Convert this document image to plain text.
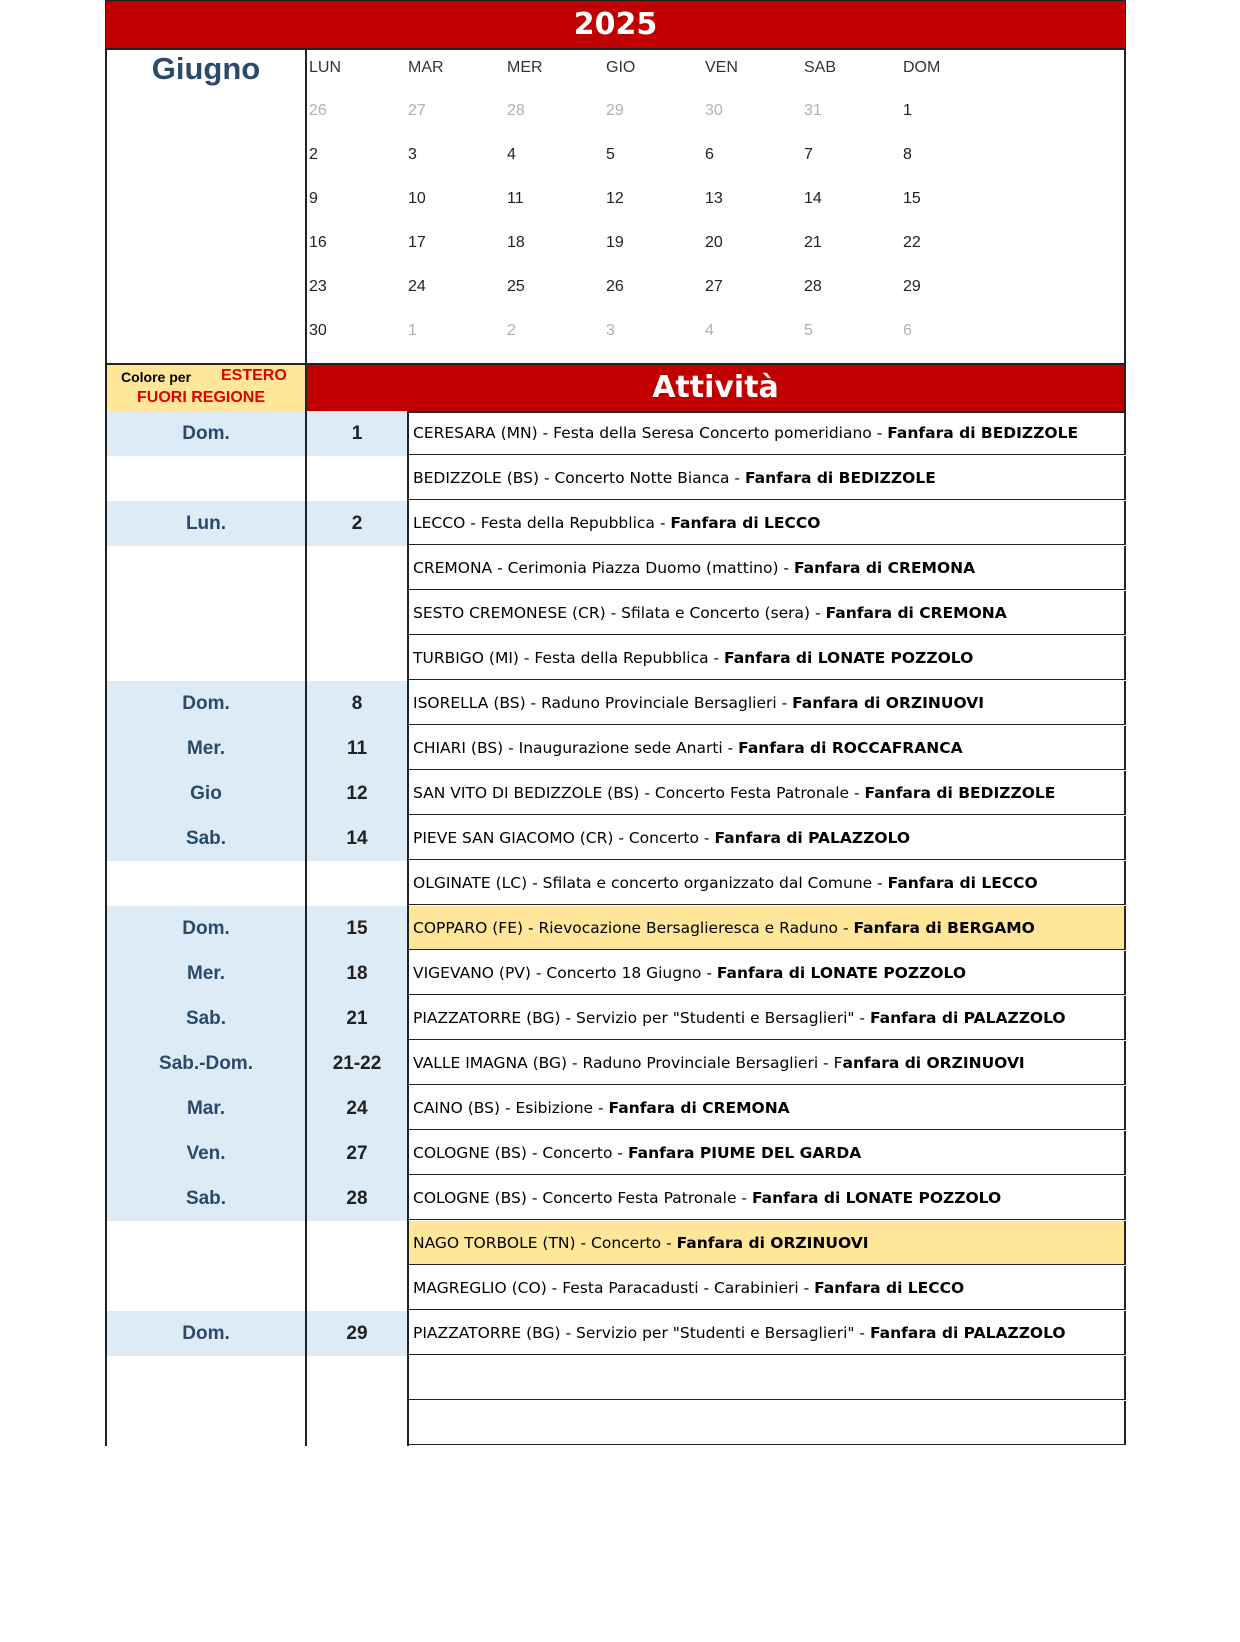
2025
Giugno	LUN	MAR	MER	GIO	VEN	SAB	DOM
26	27	28	29	30	31	1
2	3	4	5	6	7	8
9	10	11	12	13	14	15
16	17	18	19	20	21	22
23	24	25	26	27	28	29
30	1	2	3	4	5	6
Colore per ESTERO
FUORI REGIONE	Attività
Dom.	1	CERESARA (MN) - Festa della Seresa Concerto pomeridiano - Fanfara di BEDIZZOLE
BEDIZZOLE (BS) - Concerto Notte Bianca - Fanfara di BEDIZZOLE
Lun.	2	LECCO - Festa della Repubblica - Fanfara di LECCO
CREMONA - Cerimonia Piazza Duomo (mattino) - Fanfara di CREMONA
SESTO CREMONESE (CR) - Sfilata e Concerto (sera) - Fanfara di CREMONA
TURBIGO (MI) - Festa della Repubblica - Fanfara di LONATE POZZOLO
Dom.	8	ISORELLA (BS) - Raduno Provinciale Bersaglieri - Fanfara di ORZINUOVI
Mer.	11	CHIARI (BS) - Inaugurazione sede Anarti - Fanfara di ROCCAFRANCA
Gio	12	SAN VITO DI BEDIZZOLE (BS) - Concerto Festa Patronale - Fanfara di BEDIZZOLE
Sab.	14	PIEVE SAN GIACOMO (CR) - Concerto - Fanfara di PALAZZOLO
OLGINATE (LC) - Sfilata e concerto organizzato dal Comune - Fanfara di LECCO
Dom.	15	COPPARO (FE) - Rievocazione Bersaglieresca e Raduno - Fanfara di BERGAMO
Mer.	18	VIGEVANO (PV) - Concerto 18 Giugno - Fanfara di LONATE POZZOLO
Sab.	21	PIAZZATORRE (BG) - Servizio per "Studenti e Bersaglieri" - Fanfara di PALAZZOLO
Sab.-Dom.	21-22	VALLE IMAGNA (BG) - Raduno Provinciale Bersaglieri - Fanfara di ORZINUOVI
Mar.	24	CAINO (BS) - Esibizione - Fanfara di CREMONA
Ven.	27	COLOGNE (BS) - Concerto - Fanfara PIUME DEL GARDA
Sab.	28	COLOGNE (BS) - Concerto Festa Patronale - Fanfara di LONATE POZZOLO
NAGO TORBOLE (TN) - Concerto - Fanfara di ORZINUOVI
MAGREGLIO (CO) - Festa Paracadusti - Carabinieri - Fanfara di LECCO
Dom.	29	PIAZZATORRE (BG) - Servizio per "Studenti e Bersaglieri" - Fanfara di PALAZZOLO
